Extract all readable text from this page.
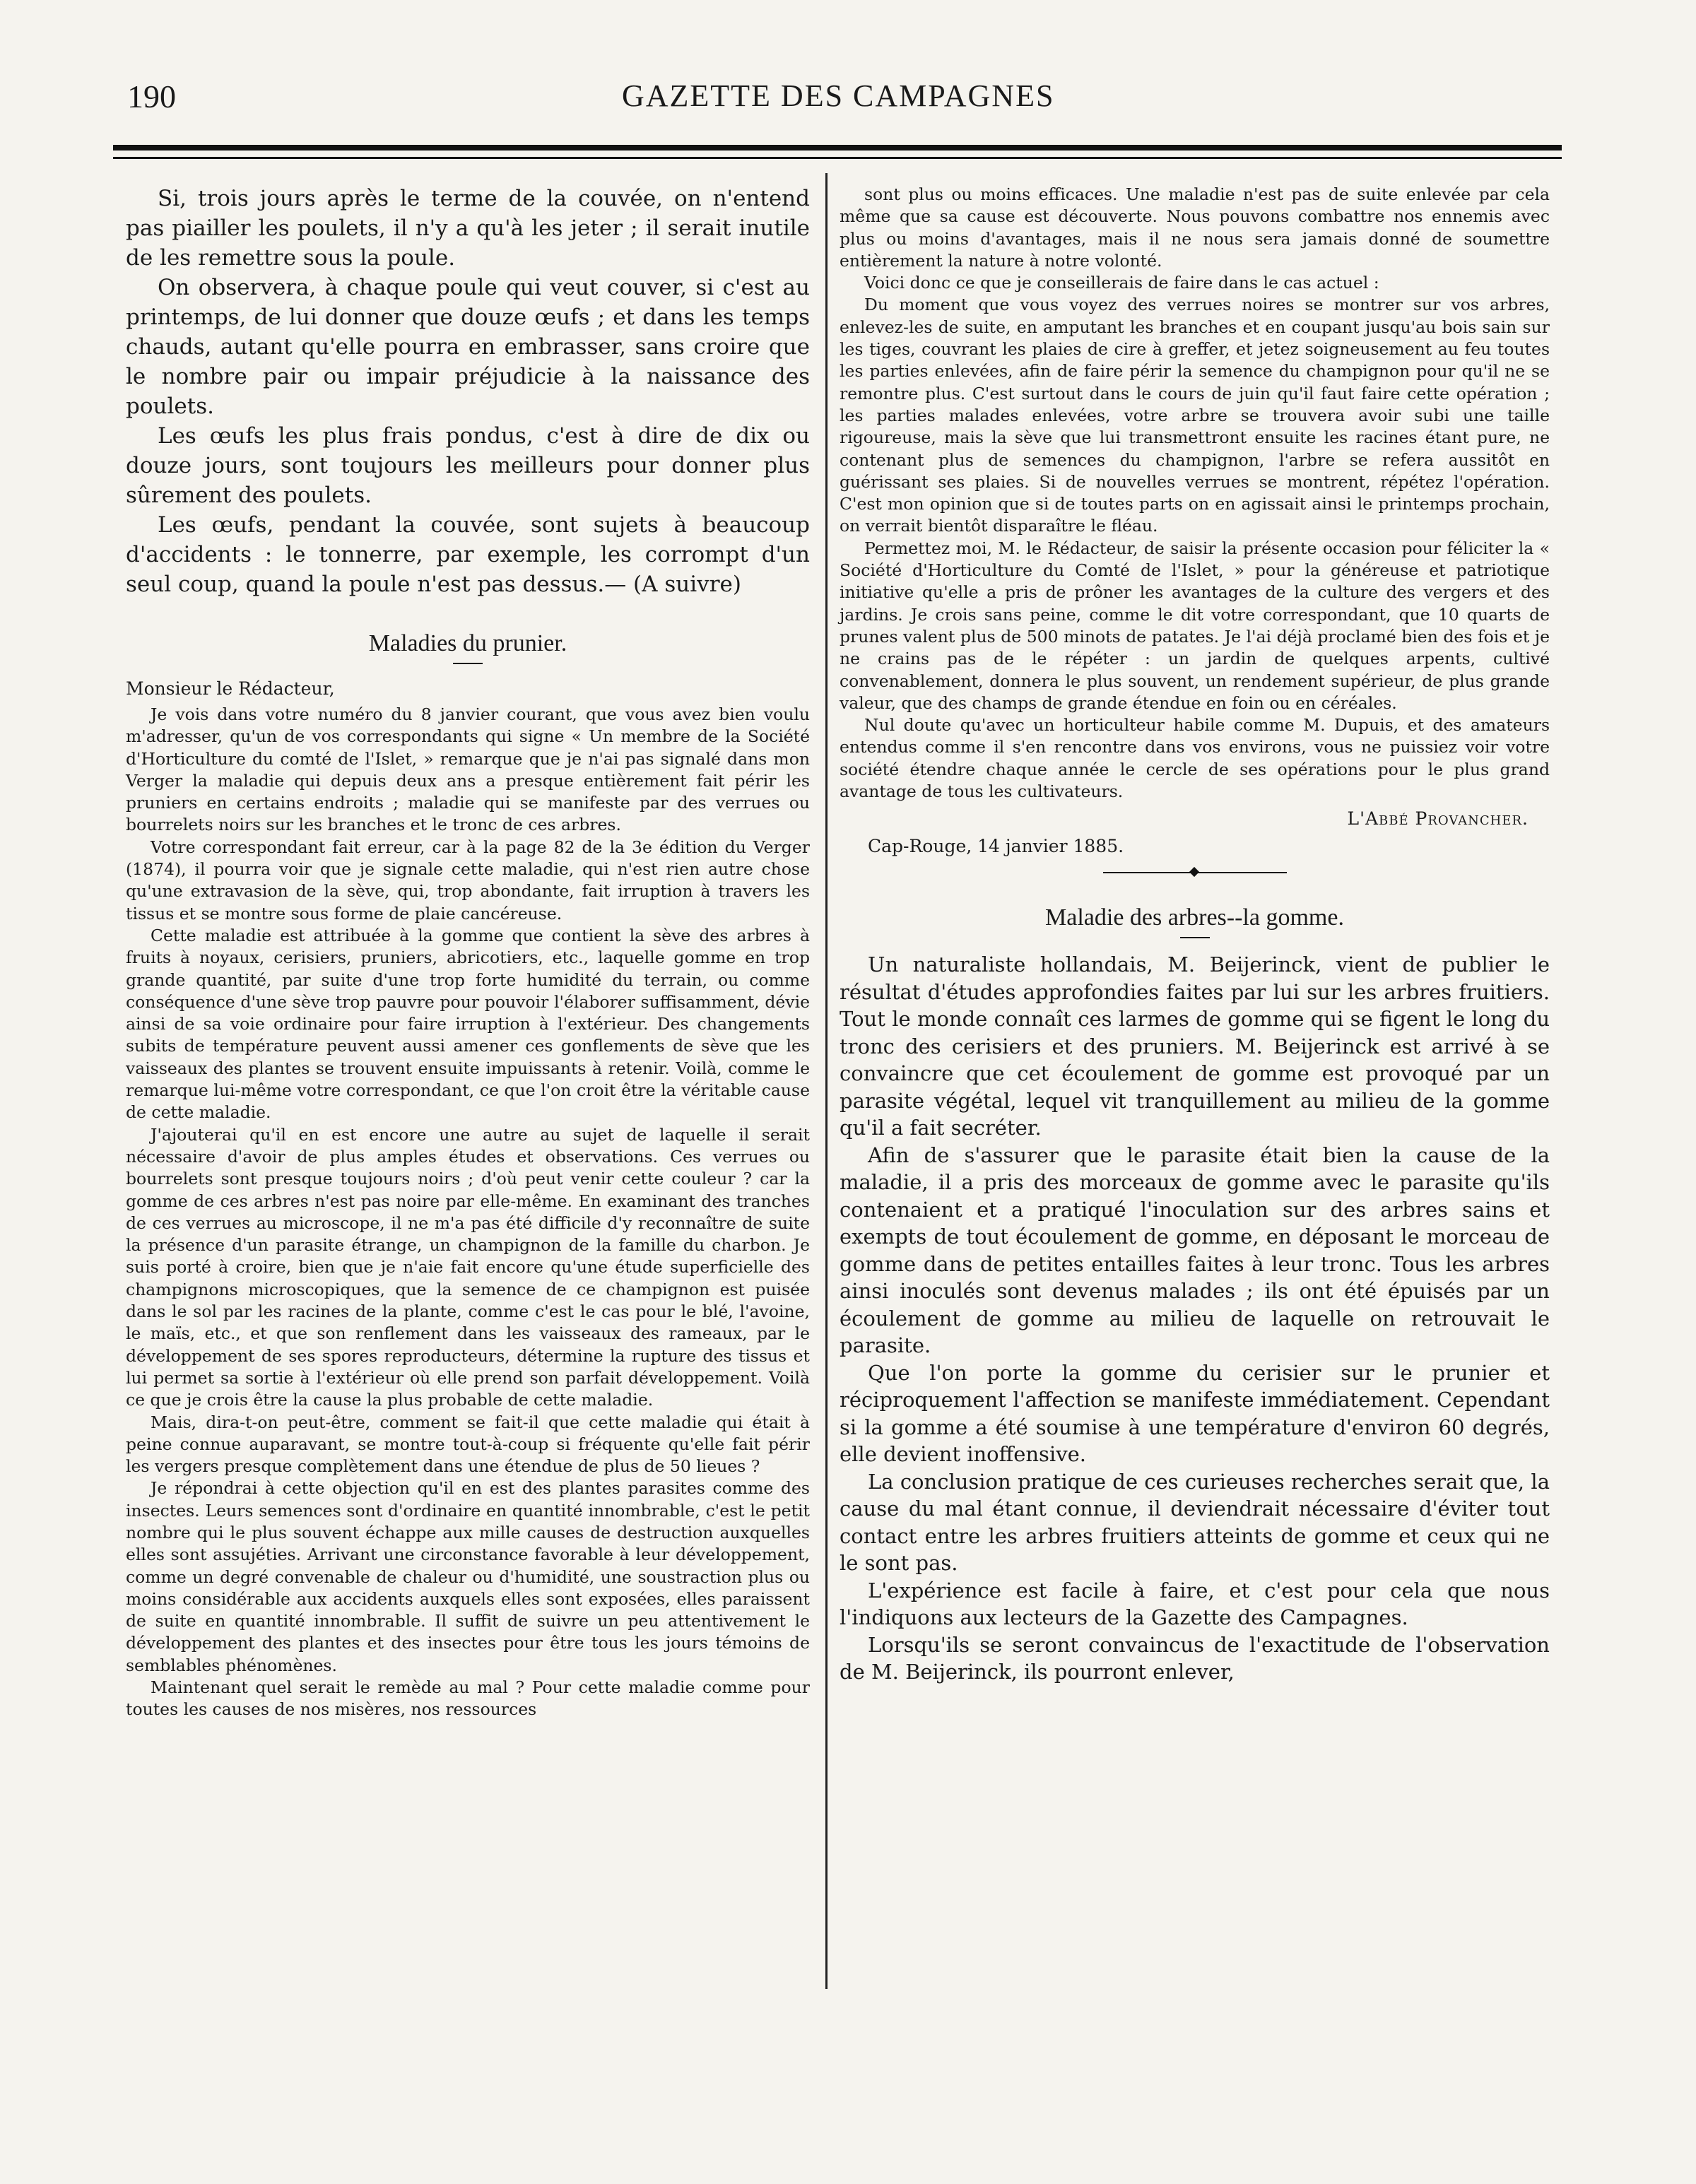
190	GAZETTE DES CAMPAGNES

Si, trois jours après le terme de la couvée, on n'entend pas piailler les poulets, il n'y a qu'à les jeter ; il serait inutile de les remettre sous la poule.

On observera, à chaque poule qui veut couver, si c'est au printemps, de lui donner que douze œufs ; et dans les temps chauds, autant qu'elle pourra en embrasser, sans croire que le nombre pair ou impair préjudicie à la naissance des poulets.

Les œufs les plus frais pondus, c'est à dire de dix ou douze jours, sont toujours les meilleurs pour donner plus sûrement des poulets.

Les œufs, pendant la couvée, sont sujets à beaucoup d'accidents : le tonnerre, par exemple, les corrompt d'un seul coup, quand la poule n'est pas dessus.— (A suivre)

Maladies du prunier.
Monsieur le Rédacteur,

Je vois dans votre numéro du 8 janvier courant, que vous avez bien voulu m'adresser, qu'un de vos correspondants qui signe « Un membre de la Société d'Horticulture du comté de l'Islet, » remarque que je n'ai pas signalé dans mon Verger la maladie qui depuis deux ans a presque entièrement fait périr les pruniers en certains endroits ; maladie qui se manifeste par des verrues ou bourrelets noirs sur les branches et le tronc de ces arbres.

Votre correspondant fait erreur, car à la page 82 de la 3e édition du Verger (1874), il pourra voir que je signale cette maladie, qui n'est rien autre chose qu'une extravasion de la sève, qui, trop abondante, fait irruption à travers les tissus et se montre sous forme de plaie cancéreuse.

Cette maladie est attribuée à la gomme que contient la sève des arbres à fruits à noyaux, cerisiers, pruniers, abricotiers, etc., laquelle gomme en trop grande quantité, par suite d'une trop forte humidité du terrain, ou comme conséquence d'une sève trop pauvre pour pouvoir l'élaborer suffisamment, dévie ainsi de sa voie ordinaire pour faire irruption à l'extérieur. Des changements subits de température peuvent aussi amener ces gonflements de sève que les vaisseaux des plantes se trouvent ensuite impuissants à retenir. Voilà, comme le remarque lui-même votre correspondant, ce que l'on croit être la véritable cause de cette maladie.

J'ajouterai qu'il en est encore une autre au sujet de laquelle il serait nécessaire d'avoir de plus amples études et observations. Ces verrues ou bourrelets sont presque toujours noirs ; d'où peut venir cette couleur ? car la gomme de ces arbres n'est pas noire par elle-même. En examinant des tranches de ces verrues au microscope, il ne m'a pas été difficile d'y reconnaître de suite la présence d'un parasite étrange, un champignon de la famille du charbon. Je suis porté à croire, bien que je n'aie fait encore qu'une étude superficielle des champignons microscopiques, que la semence de ce champignon est puisée dans le sol par les racines de la plante, comme c'est le cas pour le blé, l'avoine, le maïs, etc., et que son renflement dans les vaisseaux des rameaux, par le développement de ses spores reproducteurs, détermine la rupture des tissus et lui permet sa sortie à l'extérieur où elle prend son parfait développement. Voilà ce que je crois être la cause la plus probable de cette maladie.

Mais, dira-t-on peut-être, comment se fait-il que cette maladie qui était à peine connue auparavant, se montre tout-à-coup si fréquente qu'elle fait périr les vergers presque complètement dans une étendue de plus de 50 lieues ?

Je répondrai à cette objection qu'il en est des plantes parasites comme des insectes. Leurs semences sont d'ordinaire en quantité innombrable, c'est le petit nombre qui le plus souvent échappe aux mille causes de destruction auxquelles elles sont assujéties. Arrivant une circonstance favorable à leur développement, comme un degré convenable de chaleur ou d'humidité, une soustraction plus ou moins considérable aux accidents auxquels elles sont exposées, elles paraissent de suite en quantité innombrable. Il suffit de suivre un peu attentivement le développement des plantes et des insectes pour être tous les jours témoins de semblables phénomènes.

Maintenant quel serait le remède au mal ? Pour cette maladie comme pour toutes les causes de nos misères, nos ressources

sont plus ou moins efficaces. Une maladie n'est pas de suite enlevée par cela même que sa cause est découverte. Nous pouvons combattre nos ennemis avec plus ou moins d'avantages, mais il ne nous sera jamais donné de soumettre entièrement la nature à notre volonté.

Voici donc ce que je conseillerais de faire dans le cas actuel :

Du moment que vous voyez des verrues noires se montrer sur vos arbres, enlevez-les de suite, en amputant les branches et en coupant jusqu'au bois sain sur les tiges, couvrant les plaies de cire à greffer, et jetez soigneusement au feu toutes les parties enlevées, afin de faire périr la semence du champignon pour qu'il ne se remontre plus. C'est surtout dans le cours de juin qu'il faut faire cette opération ; les parties malades enlevées, votre arbre se trouvera avoir subi une taille rigoureuse, mais la sève que lui transmettront ensuite les racines étant pure, ne contenant plus de semences du champignon, l'arbre se refera aussitôt en guérissant ses plaies. Si de nouvelles verrues se montrent, répétez l'opération. C'est mon opinion que si de toutes parts on en agissait ainsi le printemps prochain, on verrait bientôt disparaître le fléau.

Permettez moi, M. le Rédacteur, de saisir la présente occasion pour féliciter la « Société d'Horticulture du Comté de l'Islet, » pour la généreuse et patriotique initiative qu'elle a pris de prôner les avantages de la culture des vergers et des jardins. Je crois sans peine, comme le dit votre correspondant, que 10 quarts de prunes valent plus de 500 minots de patates. Je l'ai déjà proclamé bien des fois et je ne crains pas de le répéter : un jardin de quelques arpents, cultivé convenablement, donnera le plus souvent, un rendement supérieur, de plus grande valeur, que des champs de grande étendue en foin ou en céréales.

Nul doute qu'avec un horticulteur habile comme M. Dupuis, et des amateurs entendus comme il s'en rencontre dans vos environs, vous ne puissiez voir votre société étendre chaque année le cercle de ses opérations pour le plus grand avantage de tous les cultivateurs.

L'Abbé Provancher.
Cap-Rouge, 14 janvier 1885.
Maladie des arbres--la gomme.

Un naturaliste hollandais, M. Beijerinck, vient de publier le résultat d'études approfondies faites par lui sur les arbres fruitiers. Tout le monde connaît ces larmes de gomme qui se figent le long du tronc des cerisiers et des pruniers. M. Beijerinck est arrivé à se convaincre que cet écoulement de gomme est provoqué par un parasite végétal, lequel vit tranquillement au milieu de la gomme qu'il a fait secréter.

Afin de s'assurer que le parasite était bien la cause de la maladie, il a pris des morceaux de gomme avec le parasite qu'ils contenaient et a pratiqué l'inoculation sur des arbres sains et exempts de tout écoulement de gomme, en déposant le morceau de gomme dans de petites entailles faites à leur tronc. Tous les arbres ainsi inoculés sont devenus malades ; ils ont été épuisés par un écoulement de gomme au milieu de laquelle on retrouvait le parasite.

Que l'on porte la gomme du cerisier sur le prunier et réciproquement l'affection se manifeste immédiatement. Cependant si la gomme a été soumise à une température d'environ 60 degrés, elle devient inoffensive.

La conclusion pratique de ces curieuses recherches serait que, la cause du mal étant connue, il deviendrait nécessaire d'éviter tout contact entre les arbres fruitiers atteints de gomme et ceux qui ne le sont pas.

L'expérience est facile à faire, et c'est pour cela que nous l'indiquons aux lecteurs de la Gazette des Campagnes.

Lorsqu'ils se seront convaincus de l'exactitude de l'observation de M. Beijerinck, ils pourront enlever,
